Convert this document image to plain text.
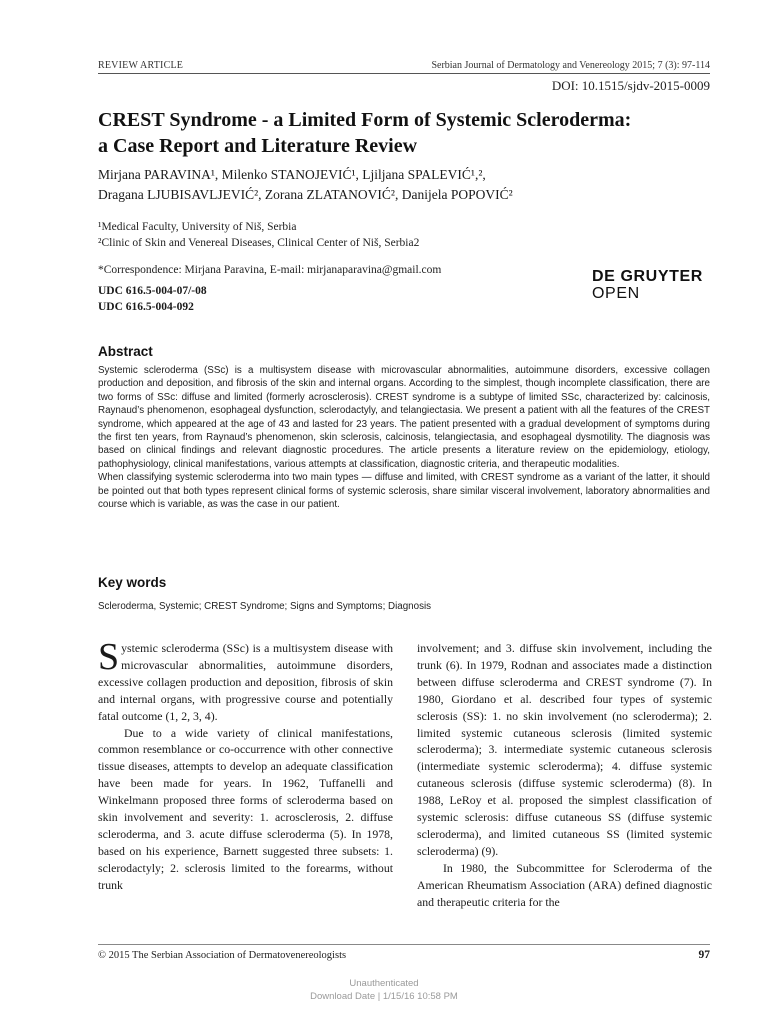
REVIEW ARTICLE	Serbian Journal of Dermatology and Venereology 2015; 7 (3): 97-114
DOI: 10.1515/sjdv-2015-0009
CREST Syndrome - a Limited Form of Systemic Scleroderma:
a Case Report and Literature Review
Mirjana PARAVINA¹, Milenko STANOJEVIĆ¹, Ljiljana SPALEVIĆ¹,²,
Dragana LJUBISAVLJEVIĆ², Zorana ZLATANOVIĆ², Danijela POPOVIĆ²
¹Medical Faculty, University of Niš, Serbia
²Clinic of Skin and Venereal Diseases, Clinical Center of Niš, Serbia2
*Correspondence: Mirjana Paravina, E-mail: mirjanaparavina@gmail.com
UDC 616.5-004-07/-08
UDC 616.5-004-092
DE GRUYTER
OPEN
Abstract

Systemic scleroderma (SSc) is a multisystem disease with microvascular abnormalities, autoimmune disorders, excessive collagen production and deposition, and fibrosis of the skin and internal organs. According to the simplest, though incomplete classification, there are two forms of SSc: diffuse and limited (formerly acrosclerosis). CREST syndrome is a subtype of limited SSc, characterized by: calcinosis, Raynaud’s phenomenon, esophageal dysfunction, sclerodactyly, and telangiectasia. We present a patient with all the features of the CREST syndrome, which appeared at the age of 43 and lasted for 23 years. The patient presented with a gradual development of symptoms during the first ten years, from Raynaud’s phenomenon, skin sclerosis, calcinosis, telangiectasia, and esophageal dysmotility. The diagnosis was based on clinical findings and relevant diagnostic procedures. The article presents a literature review on the epidemiology, etiology, pathophysiology, clinical manifestations, various attempts at classification, diagnostic criteria, and therapeutic modalities.

When classifying systemic scleroderma into two main types — diffuse and limited, with CREST syndrome as a variant of the latter, it should be pointed out that both types represent clinical forms of systemic sclerosis, share similar visceral involvement, laboratory abnormalities and course which is variable, as was the case in our patient.

Key words
Scleroderma, Systemic; CREST Syndrome; Signs and Symptoms; Diagnosis

Systemic scleroderma (SSc) is a multisystem disease with microvascular abnormalities, autoimmune disorders, excessive collagen production and deposition, fibrosis of skin and internal organs, with progressive course and potentially fatal outcome (1, 2, 3, 4).

Due to a wide variety of clinical manifestations, common resemblance or co-occurrence with other connective tissue diseases, attempts to develop an adequate classification have been made for years. In 1962, Tuffanelli and Winkelmann proposed three forms of scleroderma based on skin involvement and severity: 1. acrosclerosis, 2. diffuse scleroderma, and 3. acute diffuse scleroderma (5). In 1978, based on his experience, Barnett suggested three subsets: 1. sclerodactyly; 2. sclerosis limited to the forearms, without trunk

involvement; and 3. diffuse skin involvement, including the trunk (6). In 1979, Rodnan and associates made a distinction between diffuse scleroderma and CREST syndrome (7). In 1980, Giordano et al. described four types of systemic sclerosis (SS): 1. no skin involvement (no scleroderma); 2. limited systemic cutaneous sclerosis (limited systemic scleroderma); 3. intermediate systemic cutaneous sclerosis (intermediate systemic scleroderma); 4. diffuse systemic cutaneous sclerosis (diffuse systemic scleroderma) (8). In 1988, LeRoy et al. proposed the simplest classification of systemic sclerosis: diffuse cutaneous SS (diffuse systemic scleroderma), and limited cutaneous SS (limited systemic scleroderma) (9).

In 1980, the Subcommittee for Scleroderma of the American Rheumatism Association (ARA) defined diagnostic and therapeutic criteria for the

© 2015 The Serbian Association of Dermatovenereologists	97
Unauthenticated
Download Date | 1/15/16 10:58 PM
